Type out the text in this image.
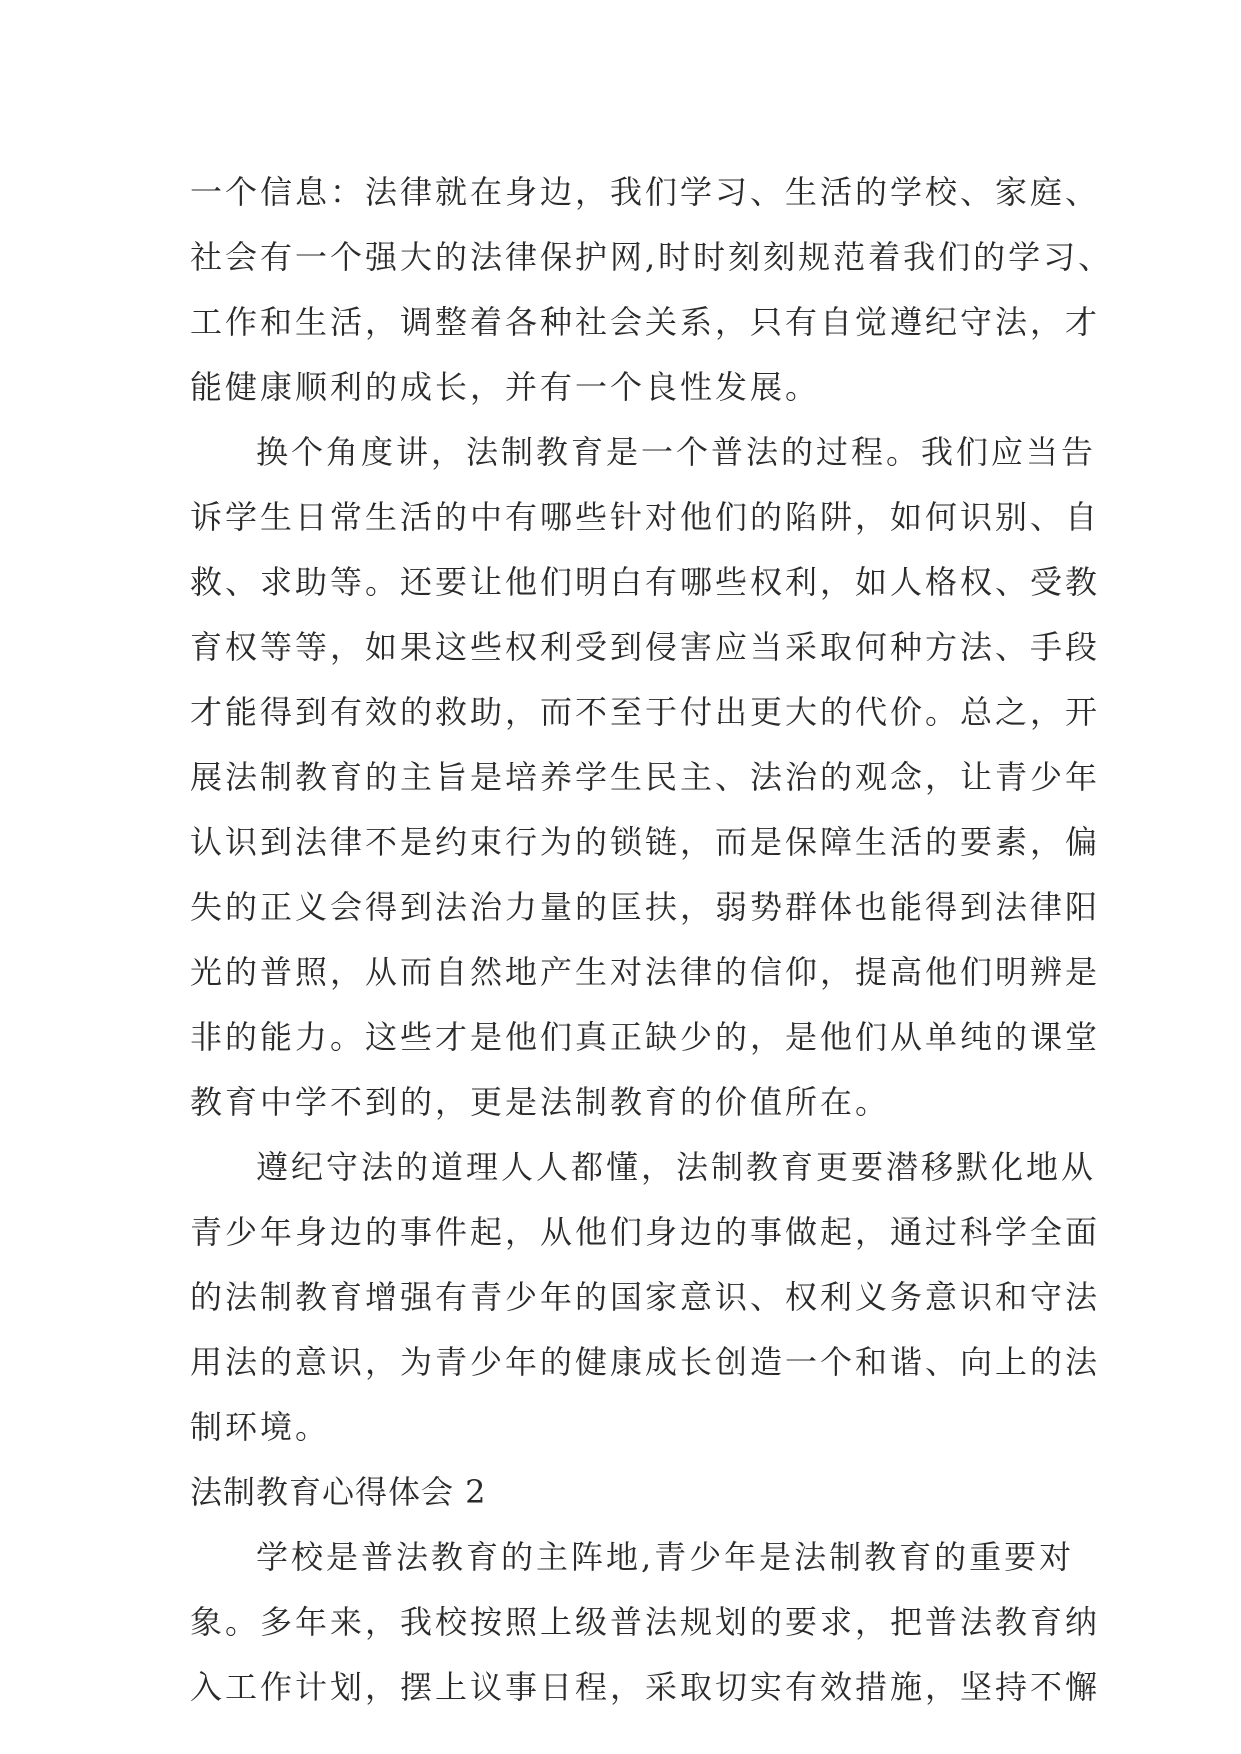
一个信息：法律就在身边，我们学习、生活的学校、家庭、
社会有一个强大的法律保护网,时时刻刻规范着我们的学习、
工作和生活，调整着各种社会关系，只有自觉遵纪守法，才
能健康顺利的成长，并有一个良性发展。
换个角度讲，法制教育是一个普法的过程。我们应当告
诉学生日常生活的中有哪些针对他们的陷阱，如何识别、自
救、求助等。还要让他们明白有哪些权利，如人格权、受教
育权等等，如果这些权利受到侵害应当采取何种方法、手段
才能得到有效的救助，而不至于付出更大的代价。总之，开
展法制教育的主旨是培养学生民主、法治的观念，让青少年
认识到法律不是约束行为的锁链，而是保障生活的要素，偏
失的正义会得到法治力量的匡扶，弱势群体也能得到法律阳
光的普照，从而自然地产生对法律的信仰，提高他们明辨是
非的能力。这些才是他们真正缺少的，是他们从单纯的课堂
教育中学不到的，更是法制教育的价值所在。
遵纪守法的道理人人都懂，法制教育更要潜移默化地从
青少年身边的事件起，从他们身边的事做起，通过科学全面
的法制教育增强有青少年的国家意识、权利义务意识和守法
用法的意识，为青少年的健康成长创造一个和谐、向上的法
制环境。
法制教育心得体会 2
学校是普法教育的主阵地,青少年是法制教育的重要对
象。多年来，我校按照上级普法规划的要求，把普法教育纳
入工作计划，摆上议事日程，采取切实有效措施，坚持不懈
